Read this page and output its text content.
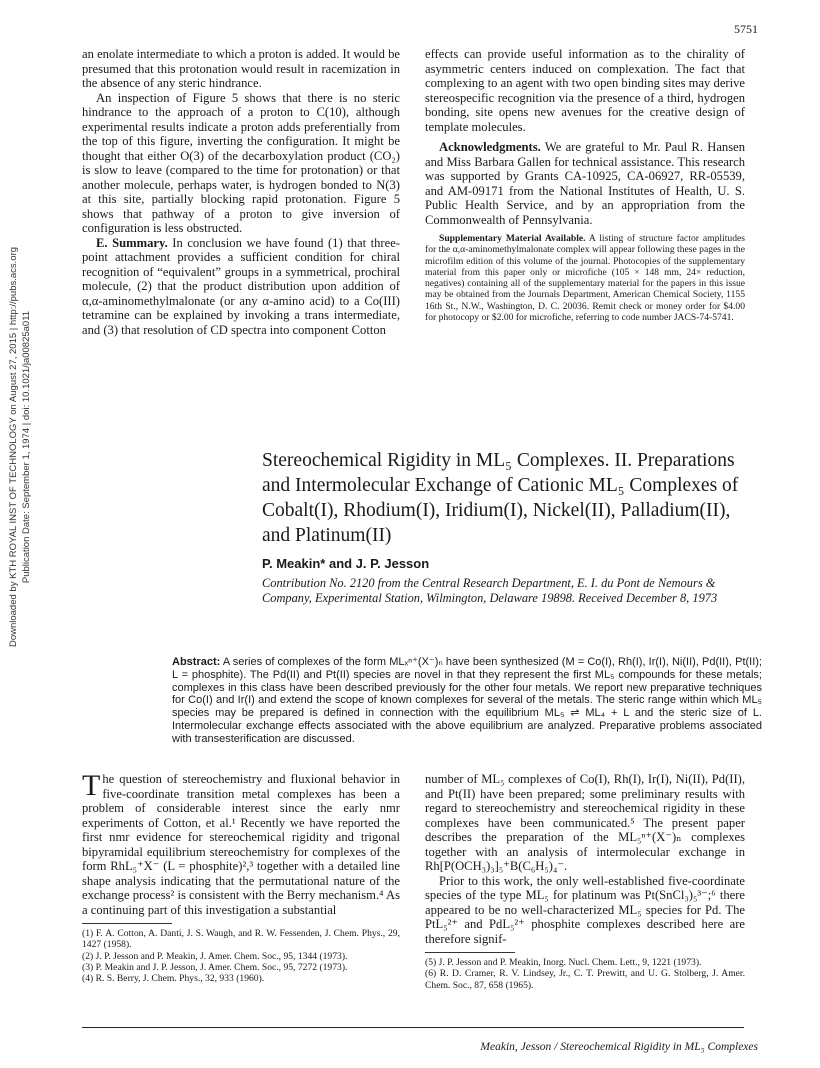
5751
Downloaded by KTH ROYAL INST OF TECHNOLOGY on August 27, 2015 | http://pubs.acs.org Publication Date: September 1, 1974 | doi: 10.1021/ja00825a011

an enolate intermediate to which a proton is added. It would be presumed that this protonation would result in racemization in the absence of any steric hindrance.

An inspection of Figure 5 shows that there is no steric hindrance to the approach of a proton to C(10), although experimental results indicate a proton adds preferentially from the top of this figure, inverting the configuration. It might be thought that either O(3) of the decarboxylation product (CO₂) is slow to leave (compared to the time for protonation) or that another molecule, perhaps water, is hydrogen bonded to N(3) at this site, partially blocking rapid protonation. Figure 5 shows that pathway of a proton to give inversion of configuration is less obstructed.

E. Summary. In conclusion we have found (1) that three-point attachment provides a sufficient condition for chiral recognition of “equivalent” groups in a symmetrical, prochiral molecule, (2) that the product distribution upon addition of α,α-aminomethylmalonate (or any α-amino acid) to a Co(III) tetramine can be explained by invoking a trans intermediate, and (3) that resolution of CD spectra into component Cotton

effects can provide useful information as to the chirality of asymmetric centers induced on complexation. The fact that complexing to an agent with two open binding sites may derive stereospecific recognition via the presence of a third, hydrogen bonding, site opens new avenues for the creative design of template molecules.

Acknowledgments. We are grateful to Mr. Paul R. Hansen and Miss Barbara Gallen for technical assistance. This research was supported by Grants CA-10925, CA-06927, RR-05539, and AM-09171 from the National Institutes of Health, U. S. Public Health Service, and by an appropriation from the Commonwealth of Pennsylvania.

Supplementary Material Available. A listing of structure factor amplitudes for the α,α-aminomethylmalonate complex will appear following these pages in the microfilm edition of this volume of the journal. Photocopies of the supplementary material from this paper only or microfiche (105 × 148 mm, 24× reduction, negatives) containing all of the supplementary material for the papers in this issue may be obtained from the Journals Department, American Chemical Society, 1155 16th St., N.W., Washington, D. C. 20036. Remit check or money order for $4.00 for photocopy or $2.00 for microfiche, referring to code number JACS-74-5741.

Stereochemical Rigidity in ML₅ Complexes. II. Preparations and Intermolecular Exchange of Cationic ML₅ Complexes of Cobalt(I), Rhodium(I), Iridium(I), Nickel(II), Palladium(II), and Platinum(II)
P. Meakin* and J. P. Jesson
Contribution No. 2120 from the Central Research Department, E. I. du Pont de Nemours & Company, Experimental Station, Wilmington, Delaware 19898. Received December 8, 1973
Abstract: A series of complexes of the form MLₓⁿ⁺(X⁻)ₙ have been synthesized (M = Co(I), Rh(I), Ir(I), Ni(II), Pd(II), Pt(II); L = phosphite). The Pd(II) and Pt(II) species are novel in that they represent the first ML₅ compounds for these metals; complexes in this class have been described previously for the other four metals. We report new preparative techniques for Co(I) and Ir(I) and extend the scope of known complexes for several of the metals. The steric range within which ML₅ species may be prepared is defined in connection with the equilibrium ML₅ ⇌ ML₄ + L and the steric size of L. Intermolecular exchange effects associated with the above equilibrium are analyzed. Preparative problems associated with transesterification are discussed.

The question of stereochemistry and fluxional behavior in five-coordinate transition metal complexes has been a problem of considerable interest since the early nmr experiments of Cotton, et al.¹ Recently we have reported the first nmr evidence for stereochemical rigidity and trigonal bipyramidal equilibrium stereochemistry for complexes of the form RhL₅⁺X⁻ (L = phosphite)²,³ together with a detailed line shape analysis indicating that the permutational nature of the exchange process² is consistent with the Berry mechanism.⁴ As a continuing part of this investigation a substantial

(1) F. A. Cotton, A. Danti, J. S. Waugh, and R. W. Fessenden, J. Chem. Phys., 29, 1427 (1958).
(2) J. P. Jesson and P. Meakin, J. Amer. Chem. Soc., 95, 1344 (1973).
(3) P. Meakin and J. P. Jesson, J. Amer. Chem. Soc., 95, 7272 (1973).
(4) R. S. Berry, J. Chem. Phys., 32, 933 (1960).

number of ML₅ complexes of Co(I), Rh(I), Ir(I), Ni(II), Pd(II), and Pt(II) have been prepared; some preliminary results with regard to stereochemistry and stereochemical rigidity in these complexes have been communicated.⁵ The present paper describes the preparation of the ML₅ⁿ⁺(X⁻)ₙ complexes together with an analysis of intermolecular exchange in Rh[P(OCH₃)₃]₅⁺B(C₆H₅)₄⁻.

Prior to this work, the only well-established five-coordinate species of the type ML₅ for platinum was Pt(SnCl₃)₅³⁻;⁶ there appeared to be no well-characterized ML₅ species for Pd. The PtL₅²⁺ and PdL₅²⁺ phosphite complexes described here are therefore signif-

(5) J. P. Jesson and P. Meakin, Inorg. Nucl. Chem. Lett., 9, 1221 (1973).
(6) R. D. Cramer, R. V. Lindsey, Jr., C. T. Prewitt, and U. G. Stolberg, J. Amer. Chem. Soc., 87, 658 (1965).
Meakin, Jesson / Stereochemical Rigidity in ML₅ Complexes
